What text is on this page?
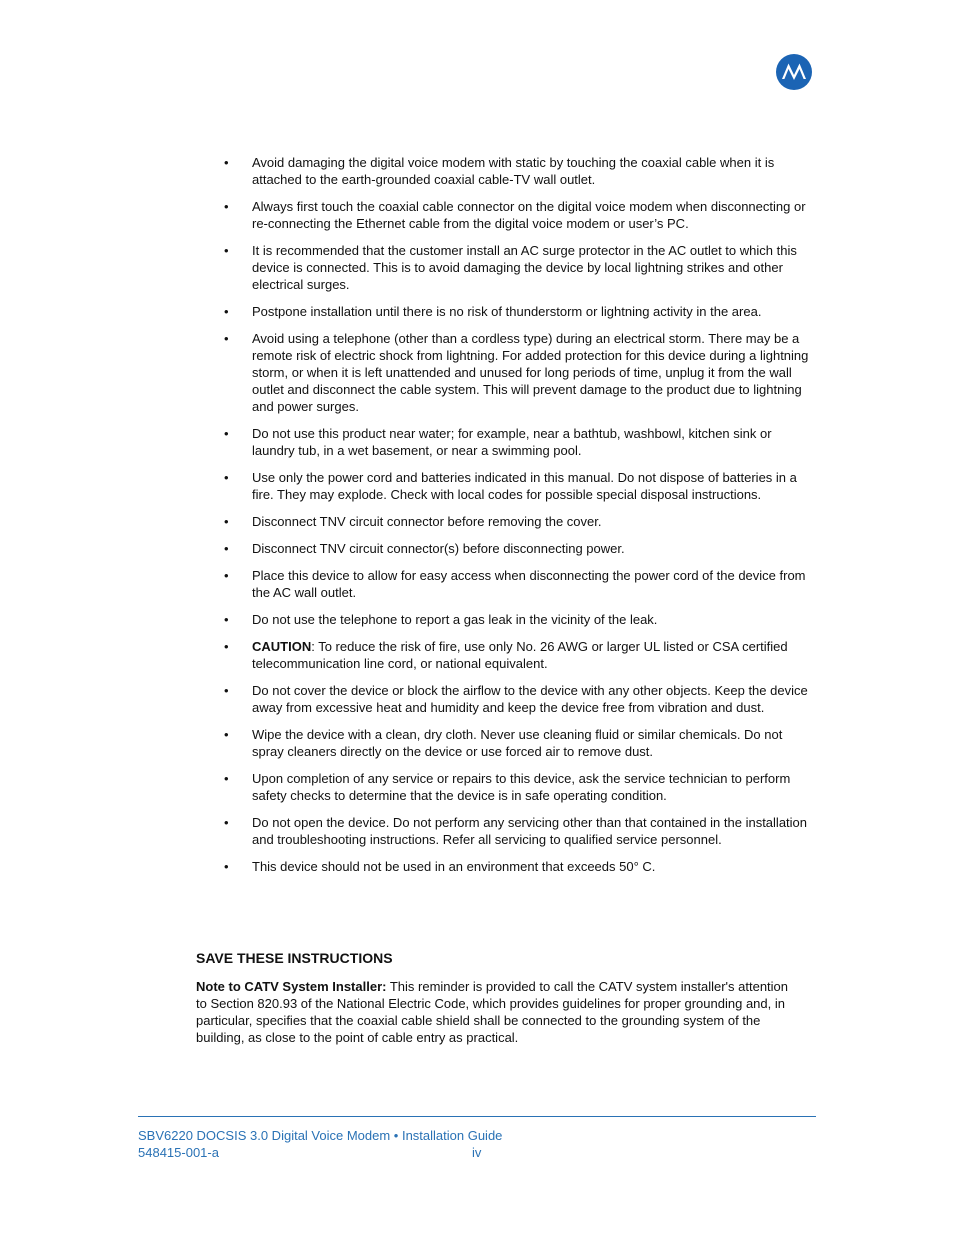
• Avoid damaging the digital voice modem with static by touching the coaxial cable when it is attached to the earth-grounded coaxial cable-TV wall outlet.
• Always first touch the coaxial cable connector on the digital voice modem when disconnecting or re-connecting the Ethernet cable from the digital voice modem or user’s PC.
• It is recommended that the customer install an AC surge protector in the AC outlet to which this device is connected. This is to avoid damaging the device by local lightning strikes and other electrical surges.
• Postpone installation until there is no risk of thunderstorm or lightning activity in the area.
• Avoid using a telephone (other than a cordless type) during an electrical storm. There may be a remote risk of electric shock from lightning. For added protection for this device during a lightning storm, or when it is left unattended and unused for long periods of time, unplug it from the wall outlet and disconnect the cable system. This will prevent damage to the product due to lightning and power surges.
• Do not use this product near water; for example, near a bathtub, washbowl, kitchen sink or laundry tub, in a wet basement, or near a swimming pool.
• Use only the power cord and batteries indicated in this manual. Do not dispose of batteries in a fire. They may explode. Check with local codes for possible special disposal instructions.
• Disconnect TNV circuit connector before removing the cover.
• Disconnect TNV circuit connector(s) before disconnecting power.
• Place this device to allow for easy access when disconnecting the power cord of the device from the AC wall outlet.
• Do not use the telephone to report a gas leak in the vicinity of the leak.
• CAUTION: To reduce the risk of fire, use only No. 26 AWG or larger UL listed or CSA certified telecommunication line cord, or national equivalent.
• Do not cover the device or block the airflow to the device with any other objects. Keep the device away from excessive heat and humidity and keep the device free from vibration and dust.
• Wipe the device with a clean, dry cloth. Never use cleaning fluid or similar chemicals. Do not spray cleaners directly on the device or use forced air to remove dust.
• Upon completion of any service or repairs to this device, ask the service technician to perform safety checks to determine that the device is in safe operating condition.
• Do not open the device. Do not perform any servicing other than that contained in the installation and troubleshooting instructions. Refer all servicing to qualified service personnel.
• This device should not be used in an environment that exceeds 50° C.
SAVE THESE INSTRUCTIONS

Note to CATV System Installer: This reminder is provided to call the CATV system installer's attention to Section 820.93 of the National Electric Code, which provides guidelines for proper grounding and, in particular, specifies that the coaxial cable shield shall be connected to the grounding system of the building, as close to the point of cable entry as practical.

SBV6220 DOCSIS 3.0 Digital Voice Modem • Installation Guide
548415-001-a	iv
